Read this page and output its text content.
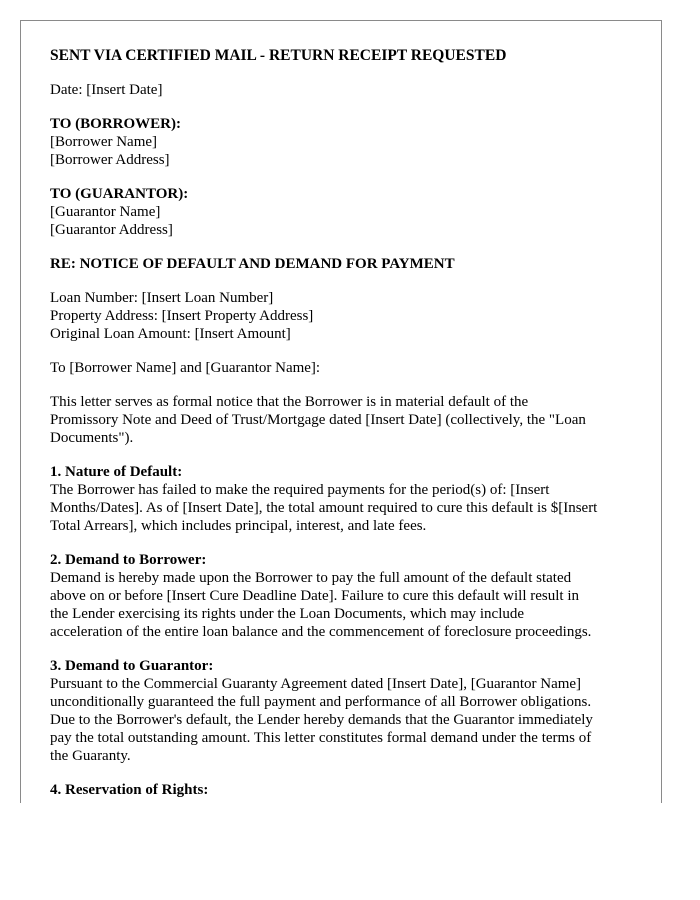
SENT VIA CERTIFIED MAIL - RETURN RECEIPT REQUESTED
Date: [Insert Date]
TO (BORROWER):
[Borrower Name]
[Borrower Address]
TO (GUARANTOR):
[Guarantor Name]
[Guarantor Address]
RE: NOTICE OF DEFAULT AND DEMAND FOR PAYMENT
Loan Number: [Insert Loan Number]
Property Address: [Insert Property Address]
Original Loan Amount: [Insert Amount]
To [Borrower Name] and [Guarantor Name]:
This letter serves as formal notice that the Borrower is in material default of the
Promissory Note and Deed of Trust/Mortgage dated [Insert Date] (collectively, the "Loan
Documents").
1. Nature of Default:
The Borrower has failed to make the required payments for the period(s) of: [Insert
Months/Dates]. As of [Insert Date], the total amount required to cure this default is $[Insert
Total Arrears], which includes principal, interest, and late fees.
2. Demand to Borrower:
Demand is hereby made upon the Borrower to pay the full amount of the default stated
above on or before [Insert Cure Deadline Date]. Failure to cure this default will result in
the Lender exercising its rights under the Loan Documents, which may include
acceleration of the entire loan balance and the commencement of foreclosure proceedings.
3. Demand to Guarantor:
Pursuant to the Commercial Guaranty Agreement dated [Insert Date], [Guarantor Name]
unconditionally guaranteed the full payment and performance of all Borrower obligations.
Due to the Borrower's default, the Lender hereby demands that the Guarantor immediately
pay the total outstanding amount. This letter constitutes formal demand under the terms of
the Guaranty.
4. Reservation of Rights:
